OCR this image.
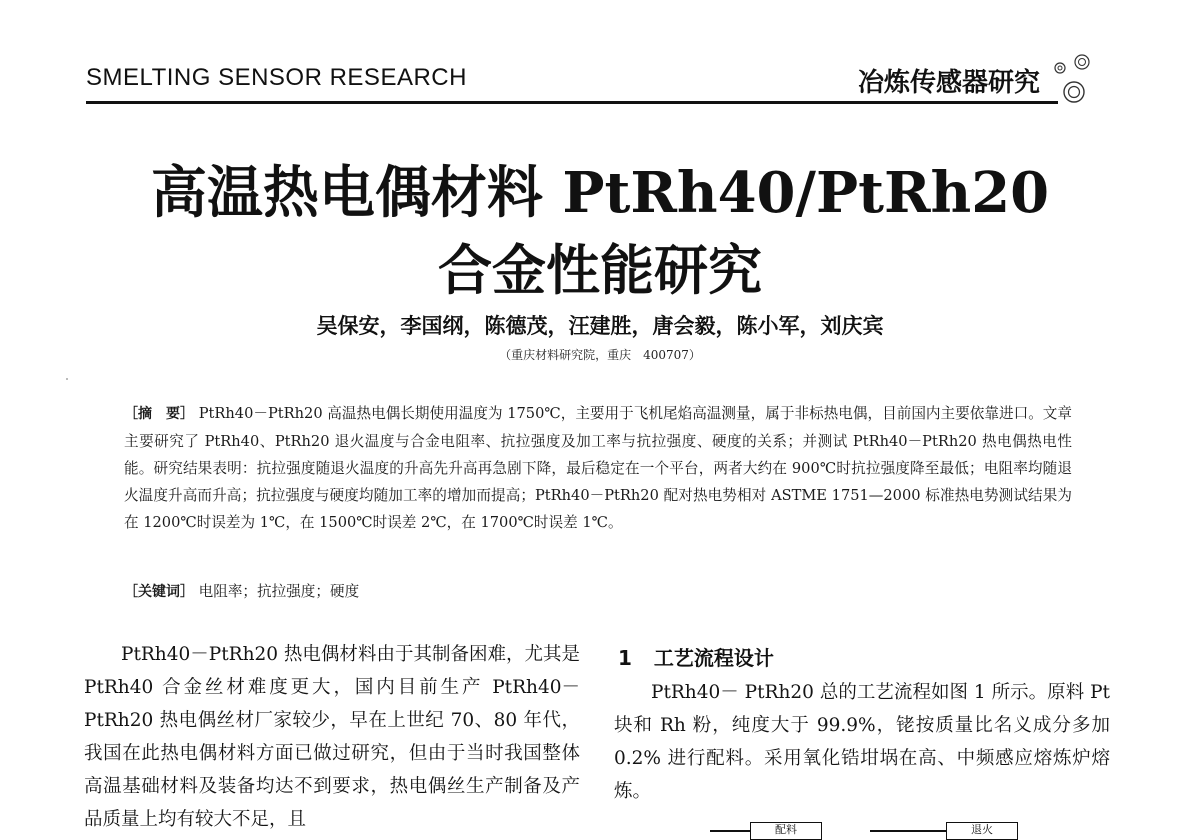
SMELTING SENSOR RESEARCH	冶炼传感器研究
高温热电偶材料 PtRh40/PtRh20
合金性能研究
吴保安，李国纲，陈德茂，汪建胜，唐会毅，陈小军，刘庆宾
（重庆材料研究院，重庆　400707）
［摘　要］ PtRh40－PtRh20 高温热电偶长期使用温度为 1750℃，主要用于飞机尾焰高温测量，属于非标热电偶，目前国内主要依靠进口。文章主要研究了 PtRh40、PtRh20 退火温度与合金电阻率、抗拉强度及加工率与抗拉强度、硬度的关系；并测试 PtRh40－PtRh20 热电偶热电性能。研究结果表明：抗拉强度随退火温度的升高先升高再急剧下降，最后稳定在一个平台，两者大约在 900℃时抗拉强度降至最低；电阻率均随退火温度升高而升高；抗拉强度与硬度均随加工率的增加而提高；PtRh40－PtRh20 配对热电势相对 ASTME 1751—2000 标准热电势测试结果为在 1200℃时误差为 1℃，在 1500℃时误差 2℃，在 1700℃时误差 1℃。
［关键词］ 电阻率；抗拉强度；硬度
PtRh40－PtRh20 热电偶材料由于其制备困难，尤其是 PtRh40 合金丝材难度更大，国内目前生产 PtRh40－PtRh20 热电偶丝材厂家较少，早在上世纪 70、80 年代，我国在此热电偶材料方面已做过研究，但由于当时我国整体高温基础材料及装备均达不到要求，热电偶丝生产制备及产品质量上均有较大不足，且
1 工艺流程设计
PtRh40－ PtRh20 总的工艺流程如图 1 所示。原料 Pt 块和 Rh 粉，纯度大于 99.9%，铑按质量比名义成分多加 0.2% 进行配料。采用氧化锆坩埚在高、中频感应熔炼炉熔炼。
配料	退火
